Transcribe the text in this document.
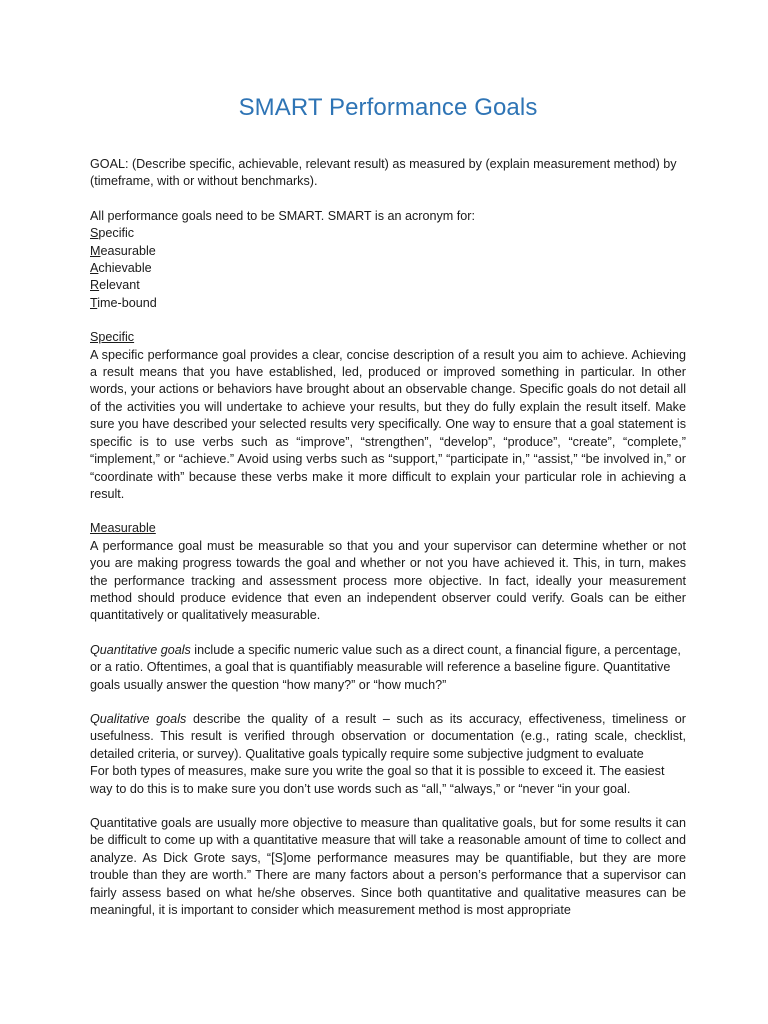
SMART Performance Goals

GOAL: (Describe specific, achievable, relevant result) as measured by (explain measurement method) by (timeframe, with or without benchmarks).

All performance goals need to be SMART. SMART is an acronym for:

Specific
Measurable
Achievable
Relevant
Time-bound

Specific

A specific performance goal provides a clear, concise description of a result you aim to achieve. Achieving a result means that you have established, led, produced or improved something in particular. In other words, your actions or behaviors have brought about an observable change. Specific goals do not detail all of the activities you will undertake to achieve your results, but they do fully explain the result itself. Make sure you have described your selected results very specifically. One way to ensure that a goal statement is specific is to use verbs such as “improve”, “strengthen”, “develop”, “produce”, “create”, “complete,” “implement,” or “achieve.” Avoid using verbs such as “support,” “participate in,” “assist,” “be involved in,” or “coordinate with” because these verbs make it more difficult to explain your particular role in achieving a result.

Measurable

A performance goal must be measurable so that you and your supervisor can determine whether or not you are making progress towards the goal and whether or not you have achieved it. This, in turn, makes the performance tracking and assessment process more objective. In fact, ideally your measurement method should produce evidence that even an independent observer could verify. Goals can be either quantitatively or qualitatively measurable.

Quantitative goals include a specific numeric value such as a direct count, a financial figure, a percentage, or a ratio. Oftentimes, a goal that is quantifiably measurable will reference a baseline figure. Quantitative goals usually answer the question “how many?” or “how much?”

Qualitative goals describe the quality of a result – such as its accuracy, effectiveness, timeliness or usefulness. This result is verified through observation or documentation (e.g., rating scale, checklist, detailed criteria, or survey). Qualitative goals typically require some subjective judgment to evaluate

For both types of measures, make sure you write the goal so that it is possible to exceed it. The easiest way to do this is to make sure you don’t use words such as “all,” “always,” or “never “in your goal.

Quantitative goals are usually more objective to measure than qualitative goals, but for some results it can be difficult to come up with a quantitative measure that will take a reasonable amount of time to collect and analyze. As Dick Grote says, “[S]ome performance measures may be quantifiable, but they are more trouble than they are worth.” There are many factors about a person’s performance that a supervisor can fairly assess based on what he/she observes. Since both quantitative and qualitative measures can be meaningful, it is important to consider which measurement method is most appropriate
